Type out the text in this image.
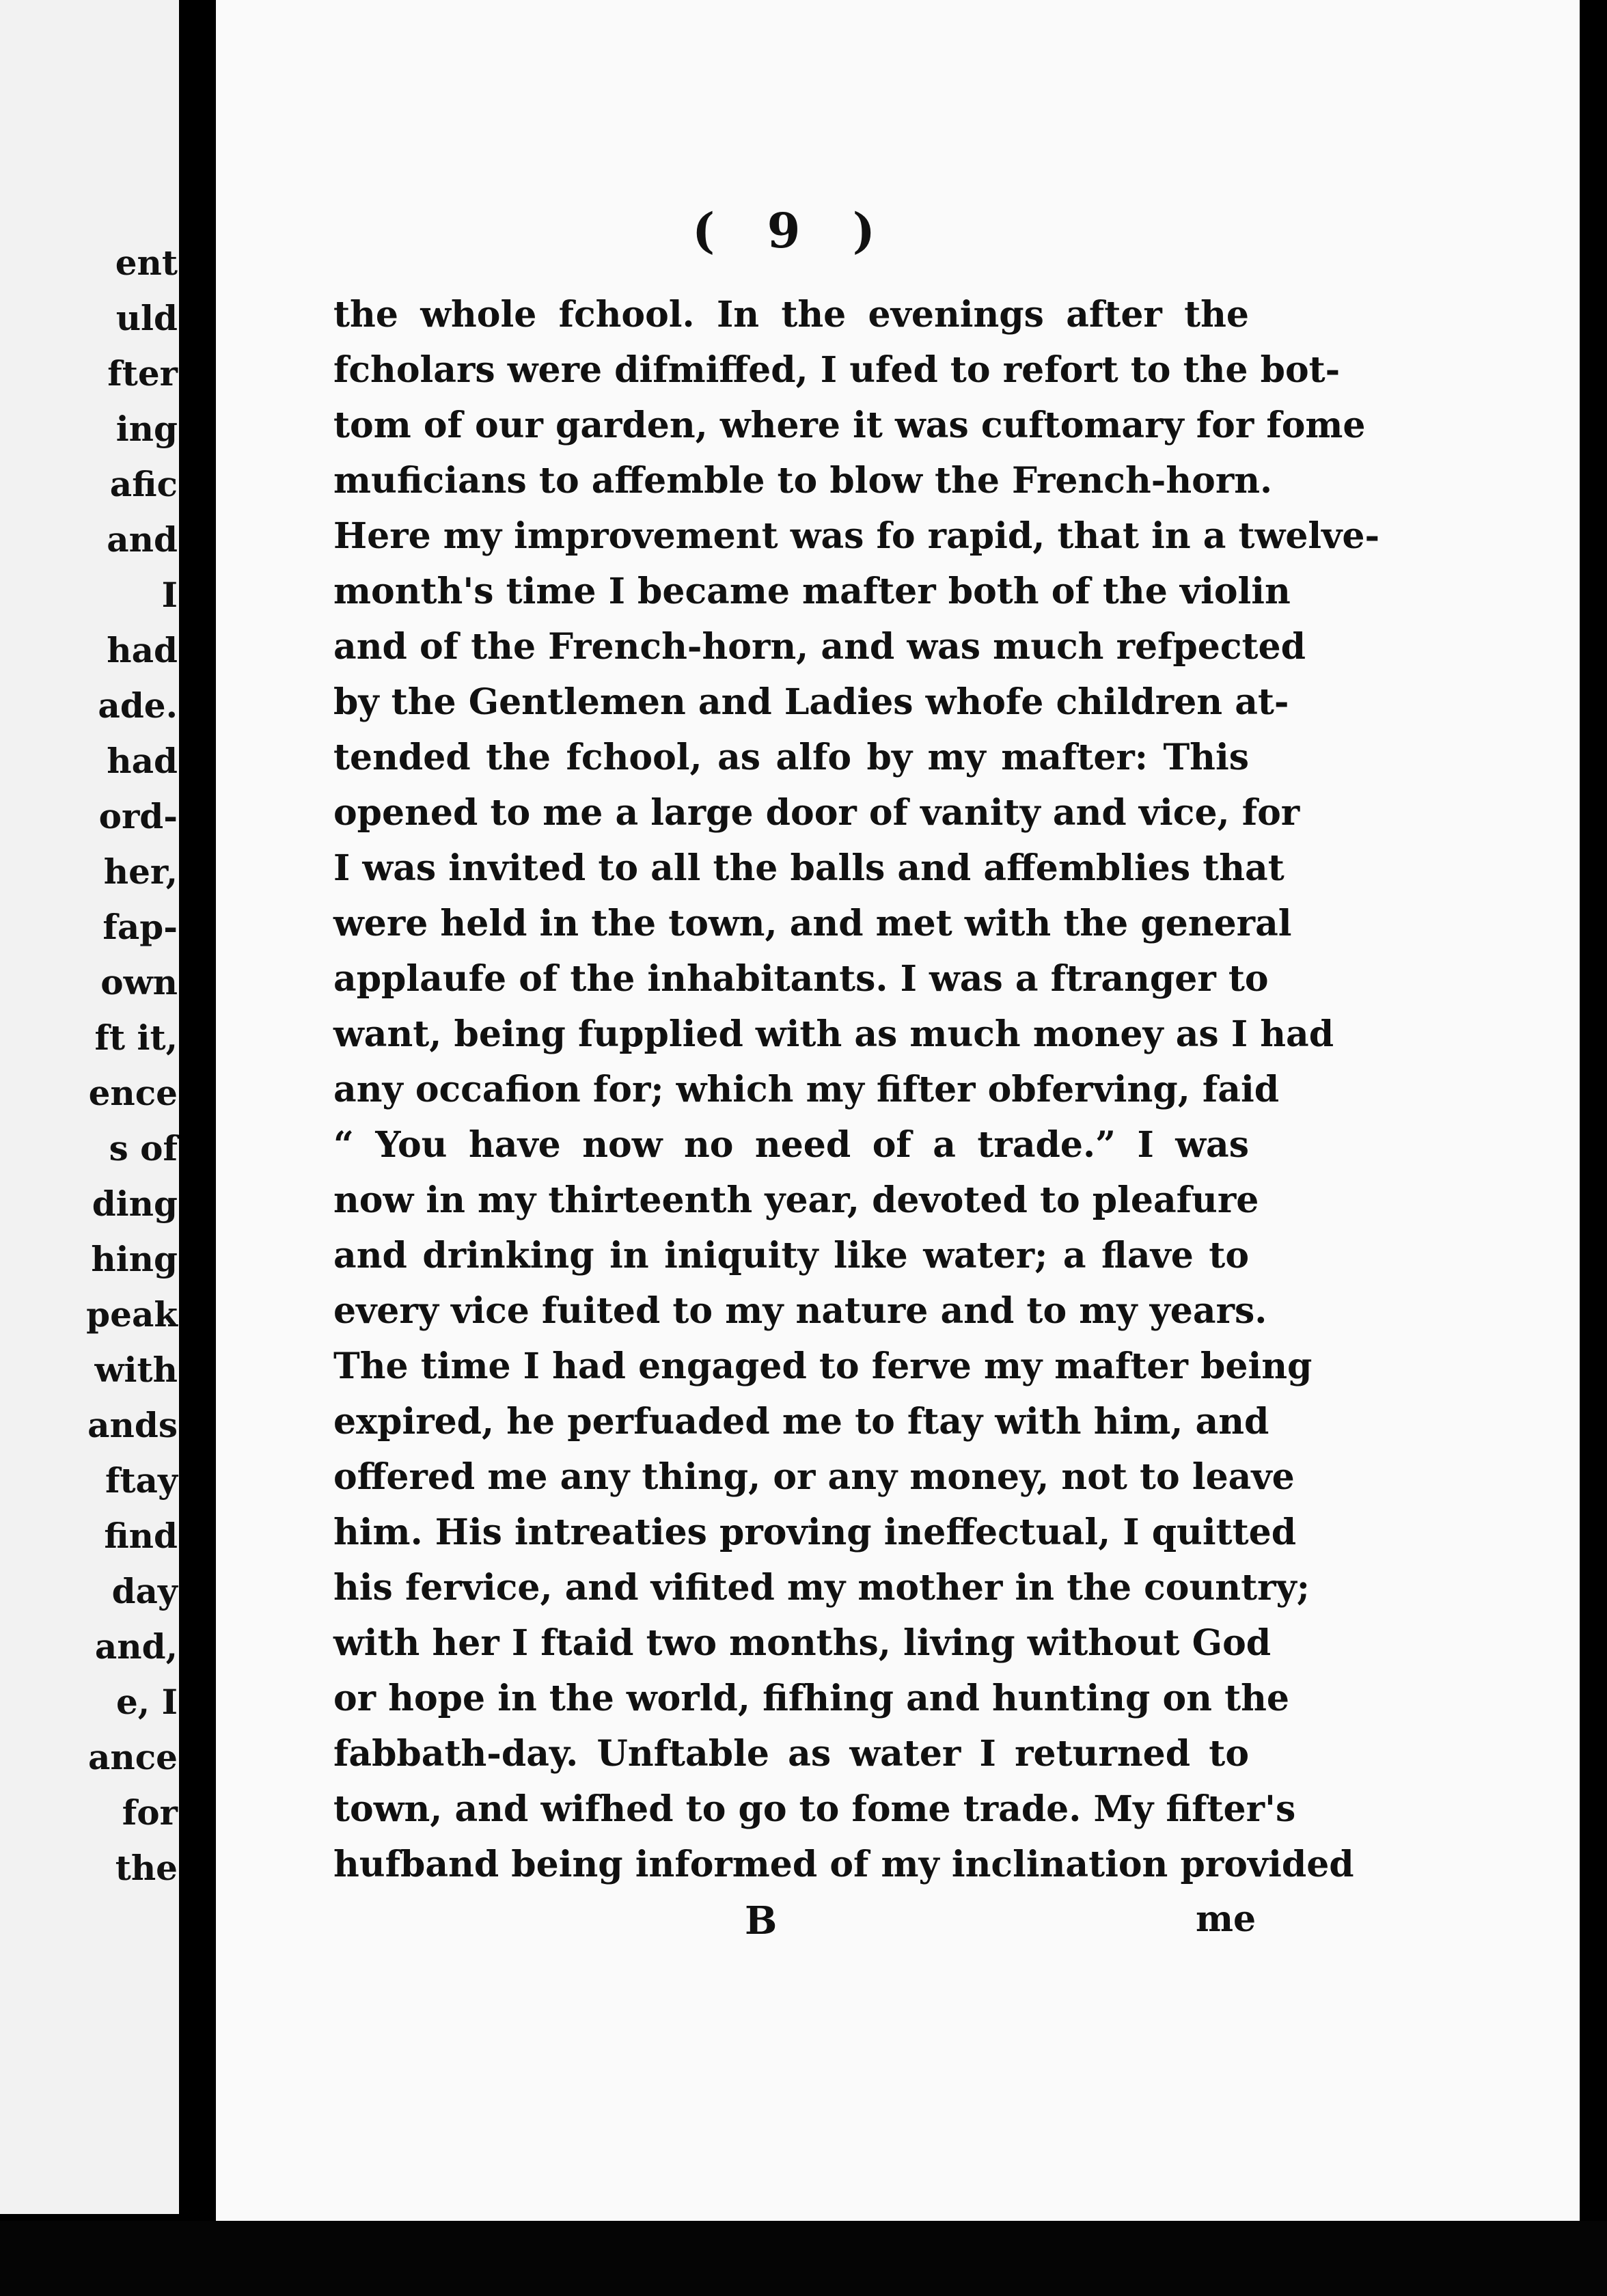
ent
uld
fter
ing
afic
and
I
had
ade.
had
ord-
her,
fap-
own
ft it,
ence
s of
ding
hing
peak
with
ands
ftay
find
day
and,
e, I
ance
for
the
( 9 )
the whole fchool. In the evenings after the
fcholars were difmiffed, I ufed to refort to the bot-
tom of our garden, where it was cuftomary for fome
muficians to affemble to blow the French-horn.
Here my improvement was fo rapid, that in a twelve-
month's time I became mafter both of the violin
and of the French-horn, and was much refpected
by the Gentlemen and Ladies whofe children at-
tended the fchool, as alfo by my mafter: This
opened to me a large door of vanity and vice, for
I was invited to all the balls and affemblies that
were held in the town, and met with the general
applaufe of the inhabitants. I was a ftranger to
want, being fupplied with as much money as I had
any occafion for; which my fifter obferving, faid
“ You have now no need of a trade.” I was
now in my thirteenth year, devoted to pleafure
and drinking in iniquity like water; a flave to
every vice fuited to my nature and to my years.
The time I had engaged to ferve my mafter being
expired, he perfuaded me to ftay with him, and
offered me any thing, or any money, not to leave
him. His intreaties proving ineffectual, I quitted
his fervice, and vifited my mother in the country;
with her I ftaid two months, living without God
or hope in the world, fifhing and hunting on the
fabbath-day. Unftable as water I returned to
town, and wifhed to go to fome trade. My fifter's
hufband being informed of my inclination provided
B	me
